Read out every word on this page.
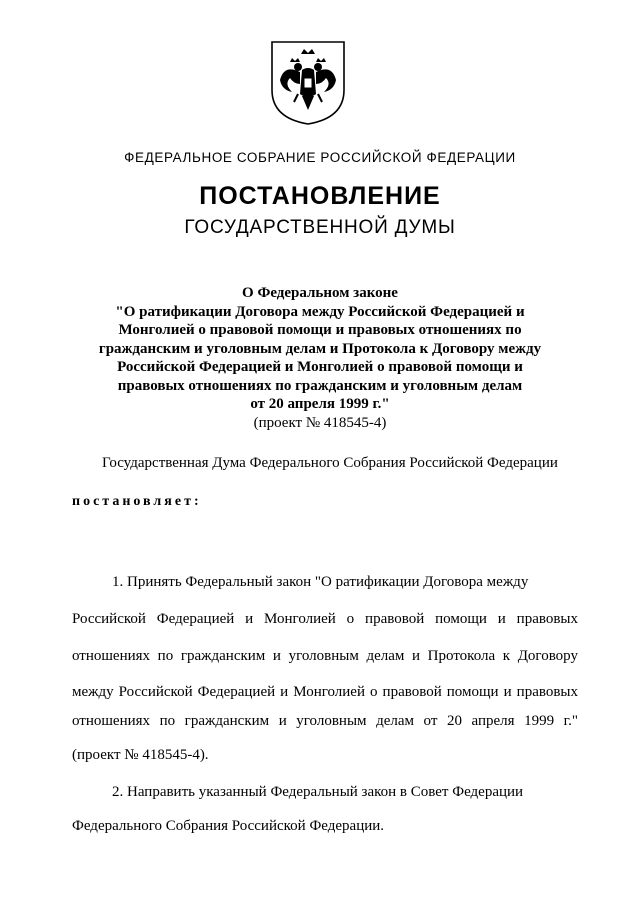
ФЕДЕРАЛЬНОЕ СОБРАНИЕ РОССИЙСКОЙ ФЕДЕРАЦИИ
ПОСТАНОВЛЕНИЕ
ГОСУДАРСТВЕННОЙ ДУМЫ
О Федеральном законе
"О ратификации Договора между Российской Федерацией и
Монголией о правовой помощи и правовых отношениях по
гражданским и уголовным делам и Протокола к Договору между
Российской Федерацией и Монголией о правовой помощи и
правовых отношениях по гражданским и уголовным делам
от 20 апреля 1999 г."
(проект № 418545-4)
Государственная Дума Федерального Собрания Российской Федерации
постановляет:
1. Принять Федеральный закон "О ратификации Договора между
Российской Федерацией и Монголией о правовой помощи и правовых
отношениях по гражданским и уголовным делам и Протокола к Договору
между Российской Федерацией и Монголией о правовой помощи и правовых
отношениях по гражданским и уголовным делам от 20 апреля 1999 г."
(проект № 418545-4).
2. Направить указанный Федеральный закон в Совет Федерации
Федерального Собрания Российской Федерации.
